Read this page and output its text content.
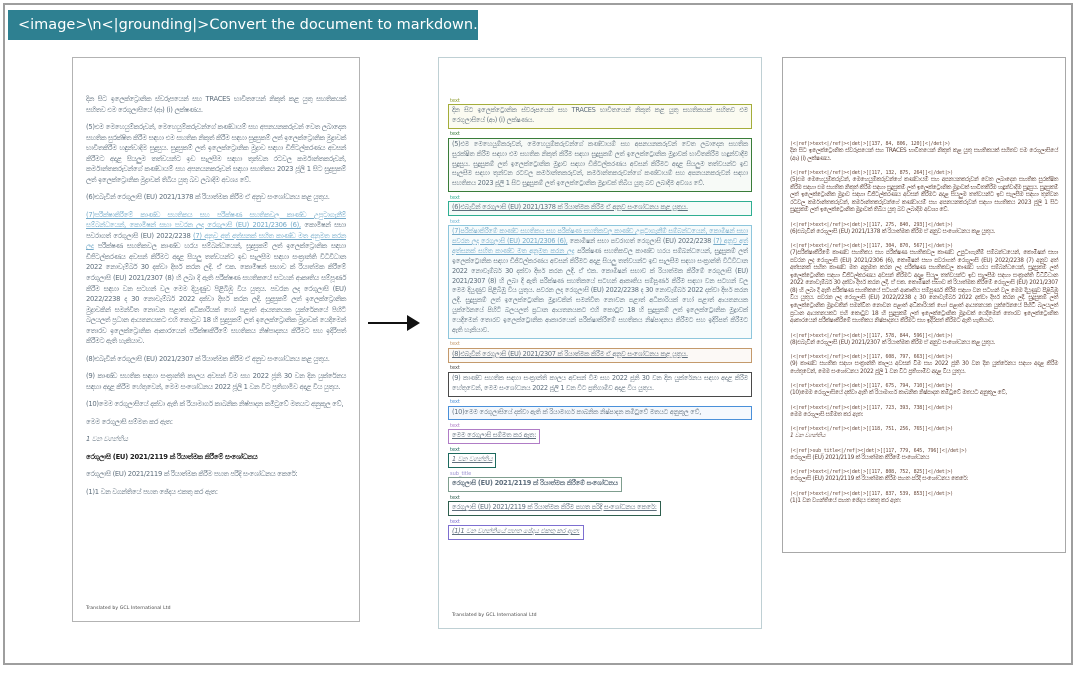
<image>\n<|grounding|>Convert the document to markdown.

දින සිට ඉලෙක්ට්‍රොනික ස්වරූපයෙන් සහ TRACES භාවිතයෙන් නිකුත් කළ යුතු සහතිකයක් සහිතව එම රෙගුලාසියේ (ආ) (i) ලක්ෂණය.

(5)එම මෙහෙයුම්කරුවන්, මෙහෙයුම්කරුවන්ගේ කණ්ඩායම් සහ අපනයනකරුවන් වෙත ලබාදෙන සහතික සුරක්ෂිත කිරීම සඳහා එම සහතික නිකුත් කිරීම සඳහා සුදුසුකම් ලත් ඉලෙක්ට්‍රොනික මුද්‍රාවක් භාවිතකිරීම හඳුන්වාදීම සුදුසුය. සුදුසුකම් ලත් ඉලෙක්ට්‍රොනික මුද්‍රාව සඳහා ඩිජිටල්කරණය අවසන් කිරීමට අදාළ සියලුම තත්වයන්ට ඉඩ සැලසීම සඳහා තුන්වන රටවල කර්මාන්තකරුවන්, කර්මාන්තකරුවන්ගේ කණ්ඩායම් සහ අපනයනකරුවන් සඳහා සහතිකය 2023 ජූලි 1 සිට සුදුසුකම් ලත් ඉලෙක්ට්‍රොනික මුද්‍රාවක් තිබිය යුතු බව ලබාදීම අවශ්‍ය වේ.

(6)එබැවින් රෙගුලාසි (EU) 2021/1378 ක් රියාත්මක කිරීම ඒ අනුව සංශෝධනය කළ යුතුය.

(7)පරීක්ෂාකිරීමේ කාණ්ඩ සහතිකය සහ පරීක්ෂණ සහතිකවල කාණ්ඩ උපුටාගැනීම් සම්බන්ධයෙන්, කොමිෂන් සභා පවරන ලද රෙගුලාසි (EU) 2021/2306 (6), කොමිෂන් සභා පවරාගත් රෙගුලාසි (EU) 2022/2238 (7) අනුව අත් අත්සනක් සහිත කාණ්ඩ මත අනුමත කරන ලද පරීක්ෂණ සහතිකවල කාණ්ඩ හරය සම්බන්ධයෙන්, සුදුසුකම් ලත් ඉලෙක්ට්‍රොනික සඳහා ඩිජිටල්කරණය අවසන් කිරීමට අදාළ සියලු තත්වයන්ට ඉඩ සැලසීම සඳහා සංක්‍රාන්ති විධිවිධාන 2022 නොවැම්බර් 30 දක්වා දීර්ඝ කරන ලදී. ඒ් එක. කොමිෂන් සභාව ක් රියාත්මක කිරීමේ රෙගුලාසි (EU) 2021/2307 (8) හි ලබා දී ඇති පරීක්ෂණ සහතිකයේ සටහන් ආකෘතිය සම්පූර්ණ කිරීම සඳහා වන සටහන් වල මෙම දියුණුව පිළිබිඹු විය යුතුය. පවරන ලද රෙගුලාසි (EU) 2022/2238 ද 30 නොවැම්බර් 2022 දක්වා දීර්ඝ කරන ලදී. සුදුසුකම් ලත් ඉලෙක්ට්‍රොනික මුද්‍රාවකින් සමන්විත නොවන පළාත් අධිකාරියක් හෝ පළාත් ආයතනයක යුක්රේනයේ පිහිටි බලයලත් ප්‍රධාන ආයතනයකට එහි කොටුව 18 හි සුදුසුකම් ලත් ඉලෙක්ට්‍රොනික මුද්‍රාවක් යෙදීමෙන් තොරව ඉලෙක්ට්‍රොනික ආකාරයෙන් පරීක්ෂාකිරීමේ සහතිකය නිෂ්පාදනය කිරීමට සහ ඉදිරිපත් කිරීමට ඇති හැකියාව.

(8)එබැවින් රෙගුලාසි (EU) 2021/2307 ක් රියාත්මක කිරීම ඒ අනුව සංශෝධනය කළ යුතුය.

(9) කාණ්ඩ සහතික සඳහා සංක්‍රාන්ති කාලය අවසන් වීම සහ 2022 ජූනි 30 වන දින යුක්රේනය සඳහා අදාළ කිරීම හේතුවෙන්, මෙම සංශෝධනය 2022 ජූලි 1 වන විට ප්‍රතිගාමීව අදාළ විය යුතුය.

(10)මෙම රෙගුලාසියේ දක්වා ඇති ක් රියාමාර්ග කාබනික නිෂ්පාදන කමිටුවේ මතයට අනුකූල වේ,

මෙම රෙගුලාසි සම්මත කර ඇත:

1 වන වගන්තිය

රෙගුලාසි (EU) 2021/2119 ක් රියාත්මක කිරීමේ සංශෝධනය

රෙගුලාසි (EU) 2021/2119 ක් රියාත්මක කිරීම පහත පරිදි සංශෝධනය කෙරේ:

(1)1 වන වගන්තියේ පහත ඡේදය එකතු කර ඇත:

Translated by GCL International Ltd
text
දින සිට ඉලෙක්ට්‍රොනික ස්වරූපයෙන් සහ TRACES භාවිතයෙන් නිකුත් කළ යුතු සහතිකයක් සහිතව එම රෙගුලාසියේ (ආ) (i) ලක්ෂණය.
text
(5)එම මෙහෙයුම්කරුවන්, මෙහෙයුම්කරුවන්ගේ කණ්ඩායම් සහ අපනයනකරුවන් වෙත ලබාදෙන සහතික සුරක්ෂිත කිරීම සඳහා එම සහතික නිකුත් කිරීම සඳහා සුදුසුකම් ලත් ඉලෙක්ට්‍රොනික මුද්‍රාවක් භාවිතකිරීම හඳුන්වාදීම සුදුසුය. සුදුසුකම් ලත් ඉලෙක්ට්‍රොනික මුද්‍රාව සඳහා ඩිජිටල්කරණය අවසන් කිරීමට අදාළ සියලුම තත්වයන්ට ඉඩ සැලසීම සඳහා තුන්වන රටවල කර්මාන්තකරුවන්, කර්මාන්තකරුවන්ගේ කණ්ඩායම් සහ අපනයනකරුවන් සඳහා සහතිකය 2023 ජූලි 1 සිට සුදුසුකම් ලත් ඉලෙක්ට්‍රොනික මුද්‍රාවක් තිබිය යුතු බව ලබාදීම අවශ්‍ය වේ.
text
(6)එබැවින් රෙගුලාසි (EU) 2021/1378 ක් රියාත්මක කිරීම ඒ අනුව සංශෝධනය කළ යුතුය.
text
(7)පරීක්ෂාකිරීමේ කාණ්ඩ සහතිකය සහ පරීක්ෂණ සහතිකවල කාණ්ඩ උපුටාගැනීම් සම්බන්ධයෙන්, කොමිෂන් සභා පවරන ලද රෙගුලාසි (EU) 2021/2306 (6), කොමිෂන් සභා පවරාගත් රෙගුලාසි (EU) 2022/2238 (7) අනුව අත් අත්සනක් සහිත කාණ්ඩ මත අනුමත කරන ලද පරීක්ෂණ සහතිකවල කාණ්ඩ හරය සම්බන්ධයෙන්, සුදුසුකම් ලත් ඉලෙක්ට්‍රොනික සඳහා ඩිජිටල්කරණය අවසන් කිරීමට අදාළ සියලු තත්වයන්ට ඉඩ සැලසීම සඳහා සංක්‍රාන්ති විධිවිධාන 2022 නොවැම්බර් 30 දක්වා දීර්ඝ කරන ලදී. ඒ් එක. කොමිෂන් සභාව ක් රියාත්මක කිරීමේ රෙගුලාසි (EU) 2021/2307 (8) හි ලබා දී ඇති පරීක්ෂණ සහතිකයේ සටහන් ආකෘතිය සම්පූර්ණ කිරීම සඳහා වන සටහන් වල මෙම දියුණුව පිළිබිඹු විය යුතුය. පවරන ලද රෙගුලාසි (EU) 2022/2238 ද 30 නොවැම්බර් 2022 දක්වා දීර්ඝ කරන ලදී. සුදුසුකම් ලත් ඉලෙක්ට්‍රොනික මුද්‍රාවකින් සමන්විත නොවන පළාත් අධිකාරියක් හෝ පළාත් ආයතනයක යුක්රේනයේ පිහිටි බලයලත් ප්‍රධාන ආයතනයකට එහි කොටුව 18 හි සුදුසුකම් ලත් ඉලෙක්ට්‍රොනික මුද්‍රාවක් යෙදීමෙන් තොරව ඉලෙක්ට්‍රොනික ආකාරයෙන් පරීක්ෂාකිරීමේ සහතිකය නිෂ්පාදනය කිරීමට සහ ඉදිරිපත් කිරීමට ඇති හැකියාව.
text
(8)එබැවින් රෙගුලාසි (EU) 2021/2307 ක් රියාත්මක කිරීම ඒ අනුව සංශෝධනය කළ යුතුය.
text
(9) කාණ්ඩ සහතික සඳහා සංක්‍රාන්ති කාලය අවසන් වීම සහ 2022 ජූනි 30 වන දින යුක්රේනය සඳහා අදාළ කිරීම හේතුවෙන්, මෙම සංශෝධනය 2022 ජූලි 1 වන විට ප්‍රතිගාමීව අදාළ විය යුතුය.
text
(10)මෙම රෙගුලාසියේ දක්වා ඇති ක් රියාමාර්ග කාබනික නිෂ්පාදන කමිටුවේ මතයට අනුකූල වේ,
text
මෙම රෙගුලාසි සම්මත කර ඇත:
text
1 වන වගන්තිය
sub_title
රෙගුලාසි (EU) 2021/2119 ක් රියාත්මක කිරීමේ සංශෝධනය
text
රෙගුලාසි (EU) 2021/2119 ක් රියාත්මක කිරීම පහත පරිදි සංශෝධනය කෙරේ:
text
(1)1 වන වගන්තියේ පහත ඡේදය එකතු කර ඇත:
Translated by GCL International Ltd
(<|ref|>text<|/ref|><|det|>[[137, 84, 806, 120]]<|/det|>)
දින සිට ඉලෙක්ට්‍රොනික ස්වරූපයෙන් සහ TRACES භාවිතයෙන් නිකුත් කළ යුතු සහතිකයක් සහිතව එම රෙගුලාසියේ (ආ) (i) ලක්ෂණය.
(<|ref|>text<|/ref|><|det|>[[117, 132, 875, 264]]<|/det|>)
(5)එම මෙහෙයුම්කරුවන්, මෙහෙයුම්කරුවන්ගේ කණ්ඩායම් සහ අපනයනකරුවන් වෙත ලබාදෙන සහතික සුරක්ෂිත කිරීම සඳහා එම සහතික නිකුත් කිරීම සඳහා සුදුසුකම් ලත් ඉලෙක්ට්‍රොනික මුද්‍රාවක් භාවිතකිරීම හඳුන්වාදීම සුදුසුය. සුදුසුකම් ලත් ඉලෙක්ට්‍රොනික මුද්‍රාව සඳහා ඩිජිටල්කරණය අවසන් කිරීමට අදාළ සියලුම තත්වයන්ට ඉඩ සැලසීම සඳහා තුන්වන රටවල කර්මාන්තකරුවන්, කර්මාන්තකරුවන්ගේ කණ්ඩායම් සහ අපනයනකරුවන් සඳහා සහතිකය 2023 ජූලි 1 සිට සුදුසුකම් ලත් ඉලෙක්ට්‍රොනික මුද්‍රාවක් තිබිය යුතු බව ලබාදීම අවශ්‍ය වේ.
(<|ref|>text<|/ref|><|det|>[[117, 275, 840, 293]]<|/det|>)
(6)එබැවින් රෙගුලාසි (EU) 2021/1378 ක් රියාත්මක කිරීම ඒ අනුව සංශෝධනය කළ යුතුය.
(<|ref|>text<|/ref|><|det|>[[117, 304, 870, 567]]<|/det|>)
(7)පරීක්ෂාකිරීමේ කාණ්ඩ සහතිකය සහ පරීක්ෂණ සහතිකවල කාණ්ඩ උපුටාගැනීම් සම්බන්ධයෙන්, කොමිෂන් සභා පවරන ලද රෙගුලාසි (EU) 2021/2306 (6), කොමිෂන් සභා පවරාගත් රෙගුලාසි (EU) 2022/2238 (7) අනුව අත් අත්සනක් සහිත කාණ්ඩ මත අනුමත කරන ලද පරීක්ෂණ සහතිකවල කාණ්ඩ හරය සම්බන්ධයෙන්, සුදුසුකම් ලත් ඉලෙක්ට්‍රොනික සඳහා ඩිජිටල්කරණය අවසන් කිරීමට අදාළ සියලු තත්වයන්ට ඉඩ සැලසීම සඳහා සංක්‍රාන්ති විධිවිධාන 2022 නොවැම්බර් 30 දක්වා දීර්ඝ කරන ලදී. ඒ් එක. කොමිෂන් සභාව ක් රියාත්මක කිරීමේ රෙගුලාසි (EU) 2021/2307 (8) හි ලබා දී ඇති පරීක්ෂණ සහතිකයේ සටහන් ආකෘතිය සම්පූර්ණ කිරීම සඳහා වන සටහන් වල මෙම දියුණුව පිළිබිඹු විය යුතුය. පවරන ලද රෙගුලාසි (EU) 2022/2238 ද 30 නොවැම්බර් 2022 දක්වා දීර්ඝ කරන ලදී. සුදුසුකම් ලත් ඉලෙක්ට්‍රොනික මුද්‍රාවකින් සමන්විත නොවන පළාත් අධිකාරියක් හෝ පළාත් ආයතනයක යුක්රේනයේ පිහිටි බලයලත් ප්‍රධාන ආයතනයකට එහි කොටුව 18 හි සුදුසුකම් ලත් ඉලෙක්ට්‍රොනික මුද්‍රාවක් යෙදීමෙන් තොරව ඉලෙක්ට්‍රොනික ආකාරයෙන් පරීක්ෂාකිරීමේ සහතිකය නිෂ්පාදනය කිරීමට සහ ඉදිරිපත් කිරීමට ඇති හැකියාව.
(<|ref|>text<|/ref|><|det|>[[117, 578, 844, 596]]<|/det|>)
(8)එබැවින් රෙගුලාසි (EU) 2021/2307 ක් රියාත්මක කිරීම ඒ අනුව සංශෝධනය කළ යුතුය.
(<|ref|>text<|/ref|><|det|>[[117, 608, 797, 663]]<|/det|>)
(9) කාණ්ඩ සහතික සඳහා සංක්‍රාන්ති කාලය අවසන් වීම සහ 2022 ජූනි 30 වන දින යුක්රේනය සඳහා අදාළ කිරීම හේතුවෙන්, මෙම සංශෝධනය 2022 ජූලි 1 වන විට ප්‍රතිගාමීව අදාළ විය යුතුය.
(<|ref|>text<|/ref|><|det|>[[117, 675, 794, 710]]<|/det|>)
(10)මෙම රෙගුලාසියේ දක්වා ඇති ක් රියාමාර්ග කාබනික නිෂ්පාදන කමිටුවේ මතයට අනුකූල වේ,
(<|ref|>text<|/ref|><|det|>[[117, 723, 393, 738]]<|/det|>)
මෙම රෙගුලාසි සම්මත කර ඇත:
(<|ref|>text<|/ref|><|det|>[[118, 751, 256, 765]]<|/det|>)
1 වන වගන්තිය
(<|ref|>sub_title<|/ref|><|det|>[[117, 779, 645, 796]]<|/det|>)
රෙගුලාසි (EU) 2021/2119 ක් රියාත්මක කිරීමේ සංශෝධනය
(<|ref|>text<|/ref|><|det|>[[117, 808, 752, 825]]<|/det|>)
රෙගුලාසි (EU) 2021/2119 ක් රියාත්මක කිරීම පහත පරිදි සංශෝධනය කෙරේ:
(<|ref|>text<|/ref|><|det|>[[117, 837, 539, 853]]<|/det|>)
(1)1 වන වගන්තියේ පහත ඡේදය එකතු කර ඇත:
